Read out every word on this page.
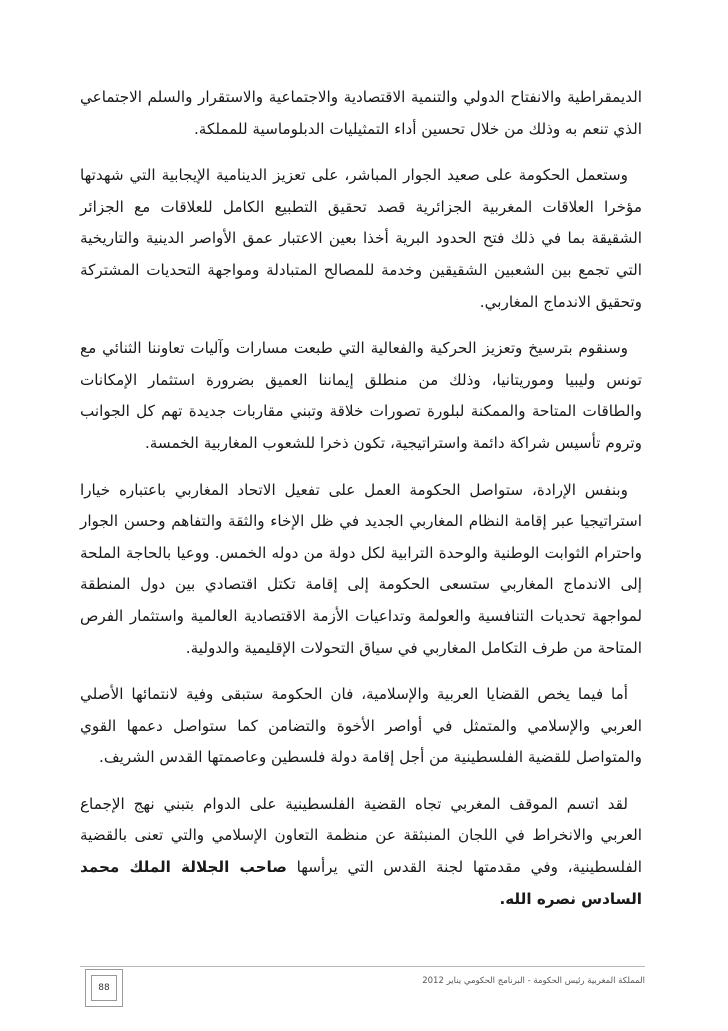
الديمقراطية والانفتاح الدولي والتنمية الاقتصادية والاجتماعية والاستقرار والسلم الاجتماعي الذي تنعم به وذلك من خلال تحسين أداء التمثيليات الدبلوماسية للمملكة.

وستعمل الحكومة على صعيد الجوار المباشر، على تعزيز الدينامية الإيجابية التي شهدتها مؤخرا العلاقات المغربية الجزائرية قصد تحقيق التطبيع الكامل للعلاقات مع الجزائر الشقيقة بما في ذلك فتح الحدود البرية أخذا بعين الاعتبار عمق الأواصر الدينية والتاريخية التي تجمع بين الشعبين الشقيقين وخدمة للمصالح المتبادلة ومواجهة التحديات المشتركة وتحقيق الاندماج المغاربي.

وسنقوم بترسيخ وتعزيز الحركية والفعالية التي طبعت مسارات وآليات تعاوننا الثنائي مع تونس وليبيا وموريتانيا، وذلك من منطلق إيماننا العميق بضرورة استثمار الإمكانات والطاقات المتاحة والممكنة لبلورة تصورات خلاقة وتبني مقاربات جديدة تهم كل الجوانب وتروم تأسيس شراكة دائمة واستراتيجية، تكون ذخرا للشعوب المغاربية الخمسة.

وبنفس الإرادة، ستواصل الحكومة العمل على تفعيل الاتحاد المغاربي باعتباره خيارا استراتيجيا عبر إقامة النظام المغاربي الجديد في ظل الإخاء والثقة والتفاهم وحسن الجوار واحترام الثوابت الوطنية والوحدة الترابية لكل دولة من دوله الخمس. ووعيا بالحاجة الملحة إلى الاندماج المغاربي ستسعى الحكومة إلى إقامة تكتل اقتصادي بين دول المنطقة لمواجهة تحديات التنافسية والعولمة وتداعيات الأزمة الاقتصادية العالمية واستثمار الفرص المتاحة من طرف التكامل المغاربي في سياق التحولات الإقليمية والدولية.

أما فيما يخص القضايا العربية والإسلامية، فان الحكومة ستبقى وفية لانتمائها الأصلي العربي والإسلامي والمتمثل في أواصر الأخوة والتضامن كما ستواصل دعمها القوي والمتواصل للقضية الفلسطينية من أجل إقامة دولة فلسطين وعاصمتها القدس الشريف.

لقد اتسم الموقف المغربي تجاه القضية الفلسطينية على الدوام بتبني نهج الإجماع العربي والانخراط في اللجان المنبثقة عن منظمة التعاون الإسلامي والتي تعنى بالقضية الفلسطينية، وفي مقدمتها لجنة القدس التي يرأسها صاحب الجلالة الملك محمد السادس نصره الله.

المملكة المغربية رئيس الحكومة - البرنامج الحكومي يناير 2012
88
